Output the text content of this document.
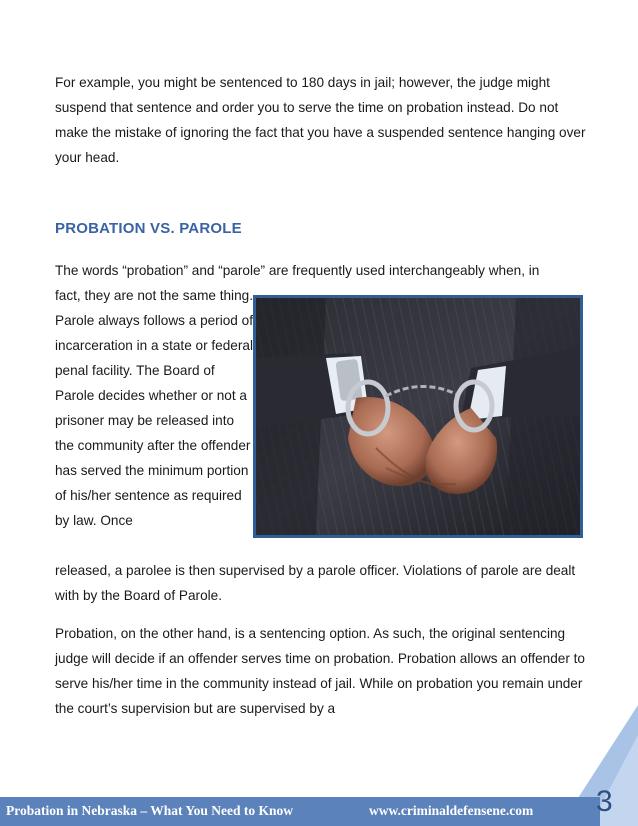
For example, you might be sentenced to 180 days in jail; however, the judge might suspend that sentence and order you to serve the time on probation instead. Do not make the mistake of ignoring the fact that you have a suspended sentence hanging over your head.

PROBATION VS. PAROLE

The words “probation” and “parole” are frequently used interchangeably when, in

fact, they are not the same thing. Parole always follows a period of incarceration in a state or federal penal facility. The Board of Parole decides whether or not a prisoner may be released into the community after the offender has served the minimum portion of his/her sentence as required by law. Once

released, a parolee is then supervised by a parole officer. Violations of parole are dealt with by the Board of Parole.

Probation, on the other hand, is a sentencing option. As such, the original sentencing judge will decide if an offender serves time on probation. Probation allows an offender to serve his/her time in the community instead of jail. While on probation you remain under the court’s supervision but are supervised by a

Probation in Nebraska – What You Need to Know	www.criminaldefensene.com 3
